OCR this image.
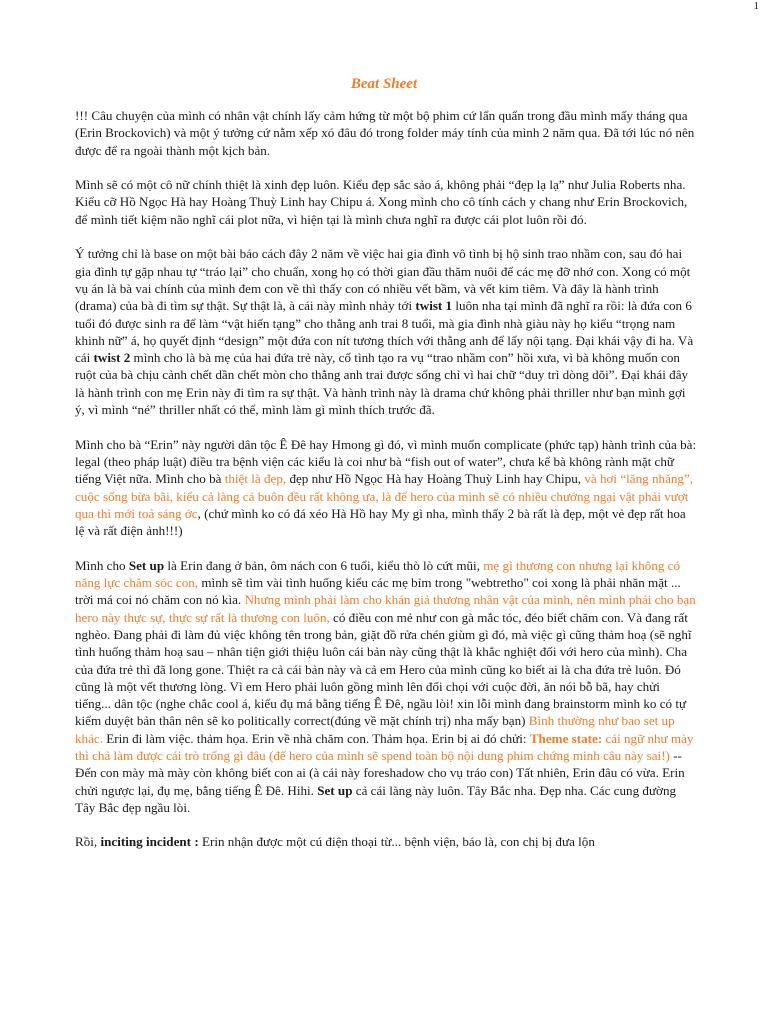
1
Beat Sheet

!!! Câu chuyện của mình có nhân vật chính lấy cảm hứng từ một bộ phim cứ lẩn quẩn trong đầu mình mấy tháng qua (Erin Brockovich) và một ý tưởng cứ nằm xếp xó đâu đó trong folder máy tính của mình 2 năm qua. Đã tới lúc nó nên được để ra ngoài thành một kịch bản.

Mình sẽ có một cô nữ chính thiệt là xinh đẹp luôn. Kiểu đẹp sắc sảo á, không phải “đẹp lạ lạ” như Julia Roberts nha. Kiểu cỡ Hồ Ngọc Hà hay Hoàng Thuỳ Linh hay Chipu á. Xong mình cho cô tính cách y chang như Erin Brockovich, để mình tiết kiệm não nghĩ cái plot nữa, vì hiện tại là mình chưa nghĩ ra được cái plot luôn rồi đó.

Ý tưởng chỉ là base on một bài báo cách đây 2 năm về việc hai gia đình vô tình bị hộ sinh trao nhầm con, sau đó hai gia đình tự gặp nhau tự “tráo lại” cho chuẩn, xong họ có thời gian đầu thăm nuôi để các mẹ đỡ nhớ con. Xong có một vụ án là bà vai chính của mình đem con về thì thấy con có nhiều vết bầm, và vết kim tiêm. Và đây là hành trình (drama) của bà đi tìm sự thật. Sự thật là, à cái này mình nhảy tới twist 1 luôn nha tại mình đã nghĩ ra rồi: là đứa con 6 tuổi đó được sinh ra để làm “vật hiến tạng” cho thằng anh trai 8 tuổi, mà gia đình nhà giàu này họ kiểu “trọng nam khinh nữ” á, họ quyết định “design” một đứa con nít tương thích với thằng anh để lấy nội tạng. Đại khái vậy đi ha. Và cái twist 2 mình cho là bà mẹ của hai đứa trẻ này, cố tình tạo ra vụ “trao nhầm con” hồi xưa, vì bà không muốn con ruột của bà chịu cảnh chết dần chết mòn cho thằng anh trai được sống chỉ vì hai chữ “duy trì dòng dõi”. Đại khái đây là hành trình con mẹ Erin này đi tìm ra sự thật. Và hành trình này là drama chứ không phải thriller như bạn mình gợi ý, vì mình “né” thriller nhất có thể, mình làm gì mình thích trước đã.

Mình cho bà “Erin” này người dân tộc Ê Đê hay Hmong gì đó, vì mình muốn complicate (phức tạp) hành trình của bà: legal (theo pháp luật) điều tra bệnh viện các kiểu là coi như bà “fish out of water”, chưa kể bà không rành mặt chữ tiếng Việt nữa. Mình cho bà thiệt là đẹp, đẹp như Hồ Ngọc Hà hay Hoàng Thuỳ Linh hay Chipu, và hơi “lăng nhăng”, cuộc sống bừa bãi, kiểu cả làng cả buôn đều rất không ưa, là để hero của mình sẽ có nhiều chướng ngại vật phải vượt qua thì mới toả sáng ớc, (chứ mình ko có đá xéo Hà Hồ hay My gì nha, mình thấy 2 bà rất là đẹp, một vẻ đẹp rất hoa lệ và rất điện ảnh!!!)

Mình cho Set up là Erin đang ở bản, ôm nách con 6 tuổi, kiểu thò lò cứt mũi, mẹ gì thương con nhưng lại không có năng lực chăm sóc con, mình sẽ tìm vài tình huống kiểu các mẹ bỉm trong "webtretho" coi xong là phải nhăn mặt ... trời má coi nó chăm con nó kìa. Nhưng mình phải làm cho khán giả thương nhân vật của mình, nên mình phải cho bạn hero này thực sự, thực sự rất là thương con luôn, có điều con mẻ như con gà mắc tóc, đéo biết chăm con. Và đang rất nghèo. Đang phải đi làm đủ việc không tên trong bản, giặt đồ rửa chén giùm gì đó, mà việc gì cũng thảm hoạ (sẽ nghĩ tình huống thảm hoạ sau – nhân tiện giới thiệu luôn cái bản này cũng thật là khắc nghiệt đối với hero của mình). Cha của đứa trẻ thì đã long gone. Thiệt ra cả cái bản này và cả em Hero của mình cũng ko biết ai là cha đứa trẻ luôn. Đó cũng là một vết thương lòng. Vì em Hero phải luôn gồng mình lên đối chọi với cuộc đời, ăn nói bỗ bã, hay chửi tiếng... dân tộc (nghe chắc cool á, kiểu đụ má bằng tiếng Ê Đê, ngầu lòi! xin lỗi mình đang brainstorm mình ko có tự kiểm duyệt bản thân nên sẽ ko politically correct(đúng về mặt chính trị) nha mấy bạn) Bình thường như bao set up khác. Erin đi làm việc. thảm họa. Erin về nhà chăm con. Thảm họa. Erin bị ai đó chửi: Theme state: cái ngữ như mày thì chả làm được cái trò trống gì đâu (để hero của mình sẽ spend toàn bộ nội dung phim chứng minh câu này sai!) -- Đến con mày mà mày còn không biết con ai (à cái này foreshadow cho vụ tráo con) Tất nhiên, Erin đâu có vừa. Erin chửi ngược lại, đụ mẹ, bằng tiếng Ê Đê. Hihi. Set up cả cái làng này luôn. Tây Bắc nha. Đẹp nha. Các cung đường Tây Bắc đẹp ngầu lòi.

Rồi, inciting incident : Erin nhận được một cú điện thoại từ... bệnh viện, báo là, con chị bị đưa lộn
